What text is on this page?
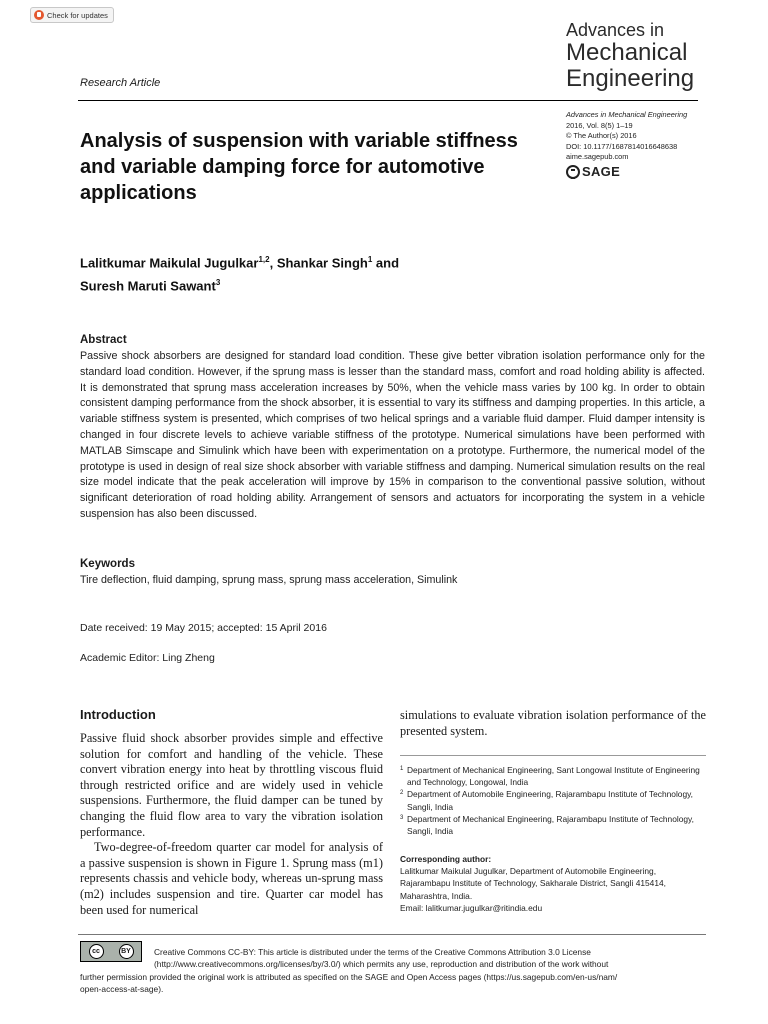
Check for updates
Advances in
Mechanical
Engineering
Research Article
Advances in Mechanical Engineering
2016, Vol. 8(5) 1–19
© The Author(s) 2016
DOI: 10.1177/1687814016648638
aime.sagepub.com
SAGE
Analysis of suspension with variable stiffness and variable damping force for automotive applications
Lalitkumar Maikulal Jugulkar$^{1,2}$, Shankar Singh$^1$ and
Suresh Maruti Sawant$^3$
Abstract
Passive shock absorbers are designed for standard load condition. These give better vibration isolation performance only for the standard load condition. However, if the sprung mass is lesser than the standard mass, comfort and road holding ability is affected. It is demonstrated that sprung mass acceleration increases by 50%, when the vehicle mass varies by 100 kg. In order to obtain consistent damping performance from the shock absorber, it is essential to vary its stiffness and damping properties. In this article, a variable stiffness system is presented, which comprises of two helical springs and a variable fluid damper. Fluid damper intensity is changed in four discrete levels to achieve variable stiffness of the prototype. Numerical simulations have been performed with MATLAB Simscape and Simulink which have been with experimentation on a prototype. Furthermore, the numerical model of the prototype is used in design of real size shock absorber with variable stiffness and damping. Numerical simulation results on the real size model indicate that the peak acceleration will improve by 15% in comparison to the conventional passive solution, without significant deterioration of road holding ability. Arrangement of sensors and actuators for incorporating the system in a vehicle suspension has also been discussed.
Keywords
Tire deflection, fluid damping, sprung mass, sprung mass acceleration, Simulink
Date received: 19 May 2015; accepted: 15 April 2016
Academic Editor: Ling Zheng
Introduction

Passive fluid shock absorber provides simple and effective solution for comfort and handling of the vehicle. These convert vibration energy into heat by throttling viscous fluid through restricted orifice and are widely used in vehicle suspensions. Furthermore, the fluid damper can be tuned by changing the fluid flow area to vary the vibration isolation performance.

Two-degree-of-freedom quarter car model for analysis of a passive suspension is shown in Figure 1. Sprung mass (m1) represents chassis and vehicle body, whereas un-sprung mass (m2) includes suspension and tire. Quarter car model has been used for numerical

simulations to evaluate vibration isolation performance of the presented system.
1 Department of Mechanical Engineering, Sant Longowal Institute of Engineering and Technology, Longowal, India
2 Department of Automobile Engineering, Rajarambapu Institute of Technology, Sangli, India
3 Department of Mechanical Engineering, Rajarambapu Institute of Technology, Sangli, India
Corresponding author:
Lalitkumar Maikulal Jugulkar, Department of Automobile Engineering,
Rajarambapu Institute of Technology, Sakharale District, Sangli 415414,
Maharashtra, India.
Email: lalitkumar.jugulkar@ritindia.edu
Creative Commons CC-BY: This article is distributed under the terms of the Creative Commons Attribution 3.0 License
(http://www.creativecommons.org/licenses/by/3.0/) which permits any use, reproduction and distribution of the work without
further permission provided the original work is attributed as specified on the SAGE and Open Access pages (https://us.sagepub.com/en-us/nam/
open-access-at-sage).
cc	BY
